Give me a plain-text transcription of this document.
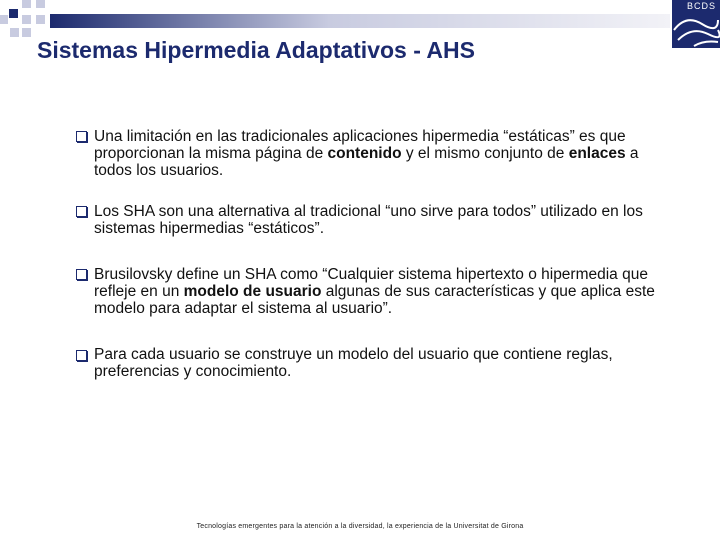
BCDS
Sistemas Hipermedia Adaptativos - AHS
Una limitación en las tradicionales aplicaciones hipermedia “estáticas” es que proporcionan la misma página de contenido y el mismo conjunto de enlaces a todos los usuarios.
Los SHA son una alternativa al tradicional “uno sirve para todos” utilizado en los sistemas hipermedias “estáticos”.
Brusilovsky define un SHA como “Cualquier sistema hipertexto o hipermedia que refleje en un modelo de usuario algunas de sus características y que aplica este modelo para adaptar el sistema al usuario”.
Para cada usuario se construye un modelo del usuario que contiene reglas, preferencias y conocimiento.
Tecnologías emergentes para la atención a la diversidad, la experiencia de la Universitat de Girona
